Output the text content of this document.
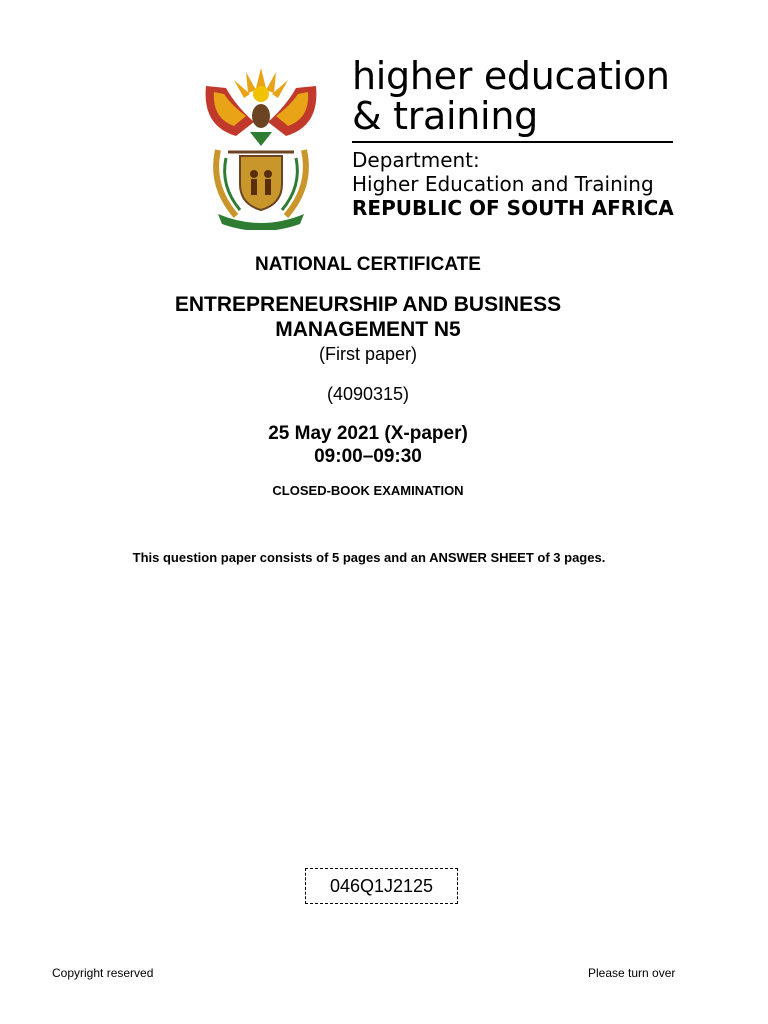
higher education
& training
Department:
Higher Education and Training
REPUBLIC OF SOUTH AFRICA
NATIONAL CERTIFICATE
ENTREPRENEURSHIP AND BUSINESS
MANAGEMENT N5
(First paper)
(4090315)
25 May 2021 (X-paper)
09:00–09:30
CLOSED-BOOK EXAMINATION
This question paper consists of 5 pages and an ANSWER SHEET of 3 pages.
046Q1J2125
Copyright reserved	Please turn over
